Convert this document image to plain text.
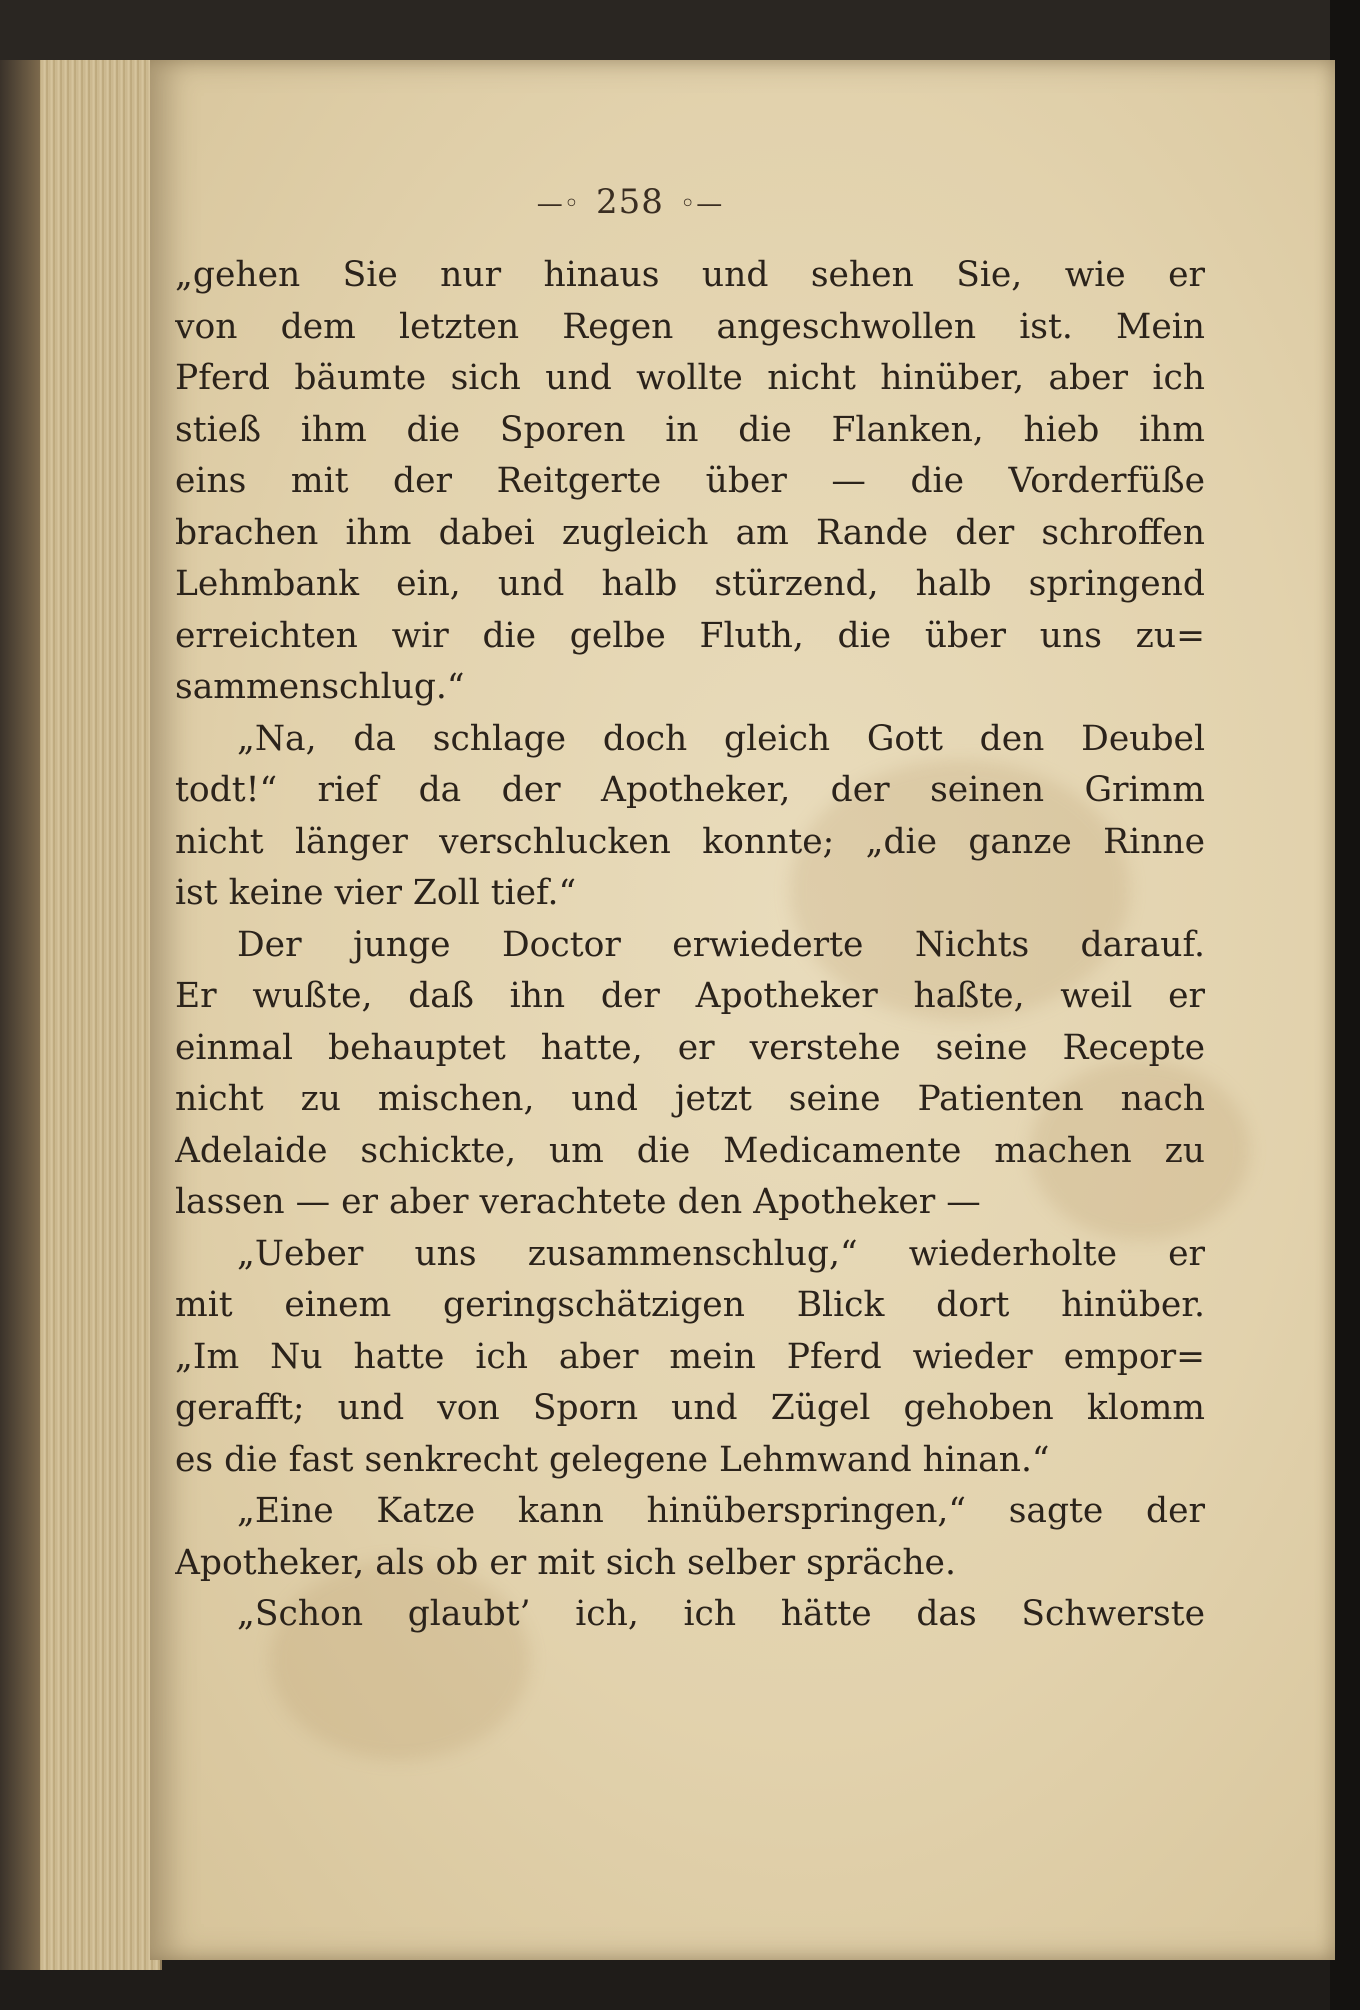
—◦ 258 ◦—
„gehen Sie nur hinaus und sehen Sie, wie er
von dem letzten Regen angeschwollen ist. Mein
Pferd bäumte sich und wollte nicht hinüber, aber ich
stieß ihm die Sporen in die Flanken, hieb ihm
eins mit der Reitgerte über — die Vorderfüße
brachen ihm dabei zugleich am Rande der schroffen
Lehmbank ein, und halb stürzend, halb springend
erreichten wir die gelbe Fluth, die über uns zu=
sammenschlug.“
„Na, da schlage doch gleich Gott den Deubel
todt!“ rief da der Apotheker, der seinen Grimm
nicht länger verschlucken konnte; „die ganze Rinne
ist keine vier Zoll tief.“
Der junge Doctor erwiederte Nichts darauf.
Er wußte, daß ihn der Apotheker haßte, weil er
einmal behauptet hatte, er verstehe seine Recepte
nicht zu mischen, und jetzt seine Patienten nach
Adelaide schickte, um die Medicamente machen zu
lassen — er aber verachtete den Apotheker —
„Ueber uns zusammenschlug,“ wiederholte er
mit einem geringschätzigen Blick dort hinüber.
„Im Nu hatte ich aber mein Pferd wieder empor=
gerafft; und von Sporn und Zügel gehoben klomm
es die fast senkrecht gelegene Lehmwand hinan.“
„Eine Katze kann hinüberspringen,“ sagte der
Apotheker, als ob er mit sich selber spräche.
„Schon glaubt’ ich, ich hätte das Schwerste
